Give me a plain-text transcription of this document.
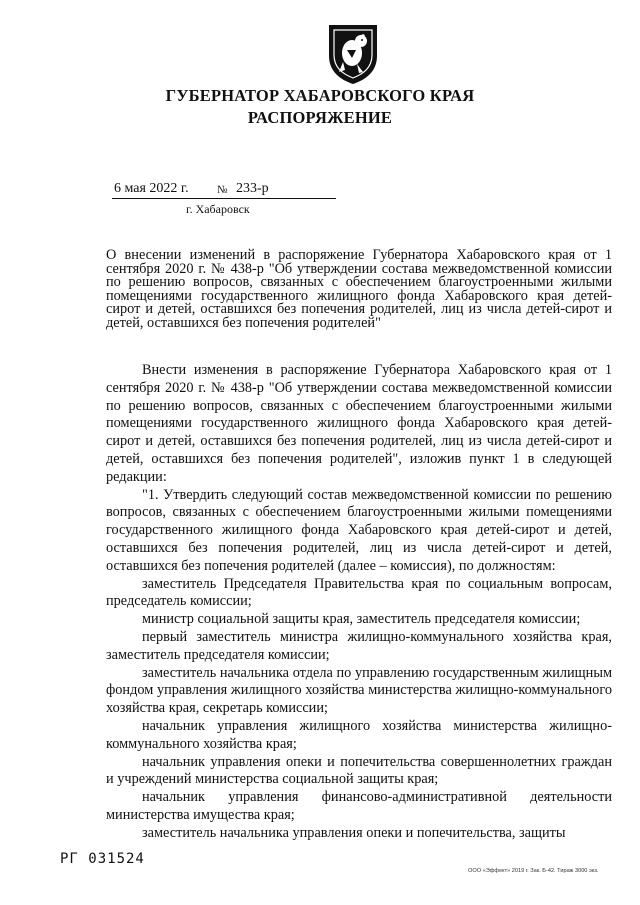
ГУБЕРНАТОР ХАБАРОВСКОГО КРАЯ
РАСПОРЯЖЕНИЕ
6 мая 2022 г.	№ 233-р
г. Хабаровск
О внесении изменений в распоряжение Губернатора Хабаровского края от 1 сентября 2020 г. № 438-р "Об утверждении состава межведомственной комиссии по решению вопросов, связанных с обеспечением благоустроенными жилыми помещениями государственного жилищного фонда Хабаровского края детей-сирот и детей, оставшихся без попечения родителей, лиц из числа детей-сирот и детей, оставшихся без попечения родителей"

Внести изменения в распоряжение Губернатора Хабаровского края от 1 сентября 2020 г. № 438-р "Об утверждении состава межведомственной комиссии по решению вопросов, связанных с обеспечением благоустроенными жилыми помещениями государственного жилищного фонда Хабаровского края детей-сирот и детей, оставшихся без попечения родителей, лиц из числа детей-сирот и детей, оставшихся без попечения родителей", изложив пункт 1 в следующей редакции:

"1. Утвердить следующий состав межведомственной комиссии по решению вопросов, связанных с обеспечением благоустроенными жилыми помещениями государственного жилищного фонда Хабаровского края детей-сирот и детей, оставшихся без попечения родителей, лиц из числа детей-сирот и детей, оставшихся без попечения родителей (далее – комиссия), по должностям:

заместитель Председателя Правительства края по социальным вопросам, председатель комиссии;

министр социальной защиты края, заместитель председателя комиссии;

первый заместитель министра жилищно-коммунального хозяйства края, заместитель председателя комиссии;

заместитель начальника отдела по управлению государственным жилищным фондом управления жилищного хозяйства министерства жилищно-коммунального хозяйства края, секретарь комиссии;

начальник управления жилищного хозяйства министерства жилищно-коммунального хозяйства края;

начальник управления опеки и попечительства совершеннолетних граждан и учреждений министерства социальной защиты края;

начальник управления финансово-административной деятельности министерства имущества края;

заместитель начальника управления опеки и попечительства, защиты

РГ 031524
ООО «Эффект» 2019 г. Зак. Б-42. Тираж 3000 экз.
